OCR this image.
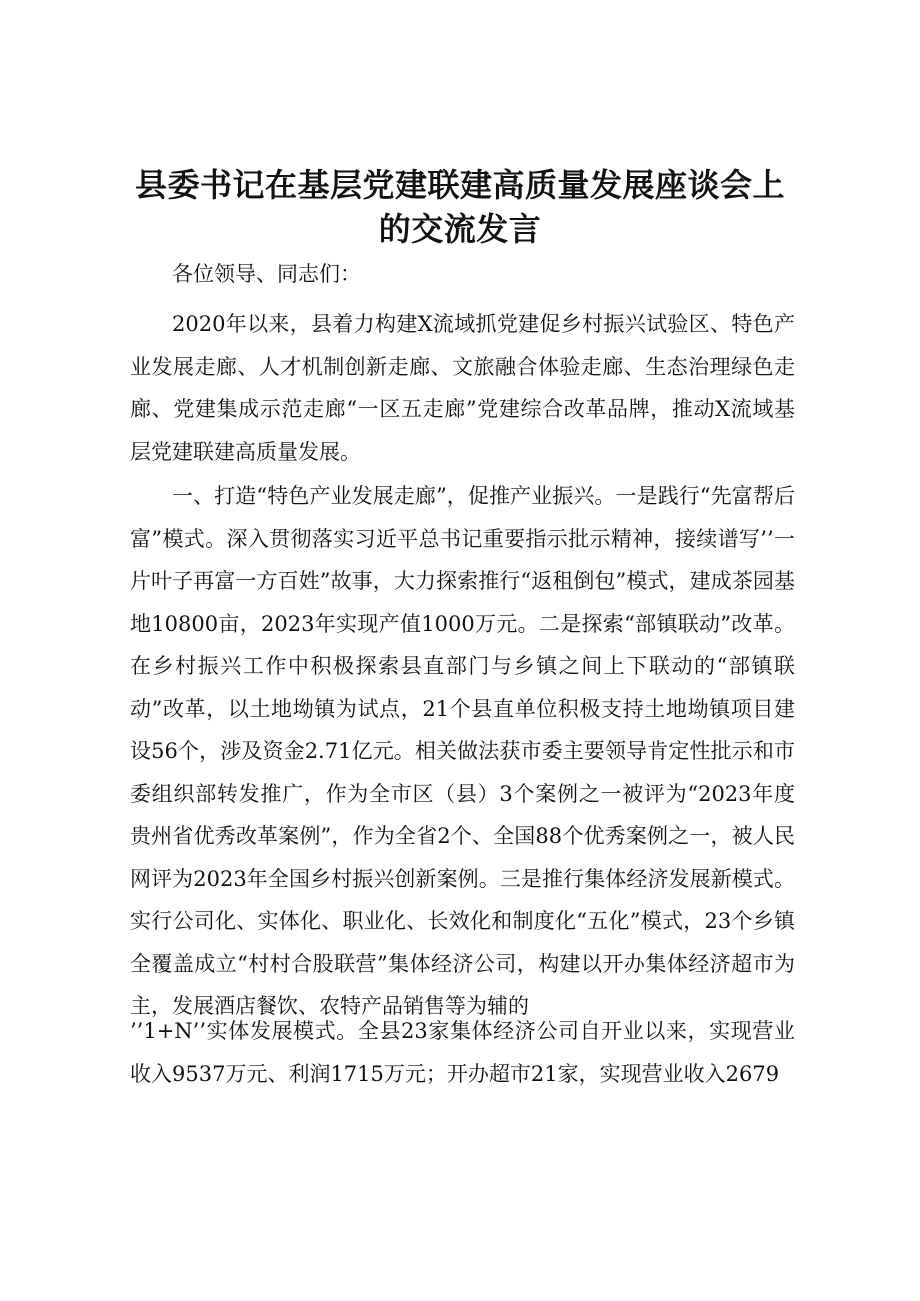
县委书记在基层党建联建高质量发展座谈会上
的交流发言

各位领导、同志们：

2020年以来，县着力构建X流域抓党建促乡村振兴试验区、特色产业发展走廊、人才机制创新走廊、文旅融合体验走廊、生态治理绿色走廊、党建集成示范走廊“一区五走廊”党建综合改革品牌，推动X流域基层党建联建高质量发展。

一、打造“特色产业发展走廊”，促推产业振兴。一是践行“先富帮后富”模式。深入贯彻落实习近平总书记重要指示批示精神，接续谱写’’一片叶子再富一方百姓”故事，大力探索推行“返租倒包”模式，建成茶园基地10800亩，2023年实现产值1000万元。二是探索“部镇联动”改革。在乡村振兴工作中积极探索县直部门与乡镇之间上下联动的“部镇联动”改革，以土地坳镇为试点，21个县直单位积极支持土地坳镇项目建设56个，涉及资金2.71亿元。相关做法获市委主要领导肯定性批示和市委组织部转发推广，作为全市区（县）3个案例之一被评为“2023年度贵州省优秀改革案例”，作为全省2个、全国88个优秀案例之一，被人民网评为2023年全国乡村振兴创新案例。三是推行集体经济发展新模式。实行公司化、实体化、职业化、长效化和制度化“五化”模式，23个乡镇全覆盖成立“村村合股联营”集体经济公司，构建以开办集体经济超市为主，发展酒店餐饮、农特产品销售等为辅的

’’1+N’’实体发展模式。全县23家集体经济公司自开业以来，实现营业收入9537万元、利润1715万元；开办超市21家，实现营业收入2679
